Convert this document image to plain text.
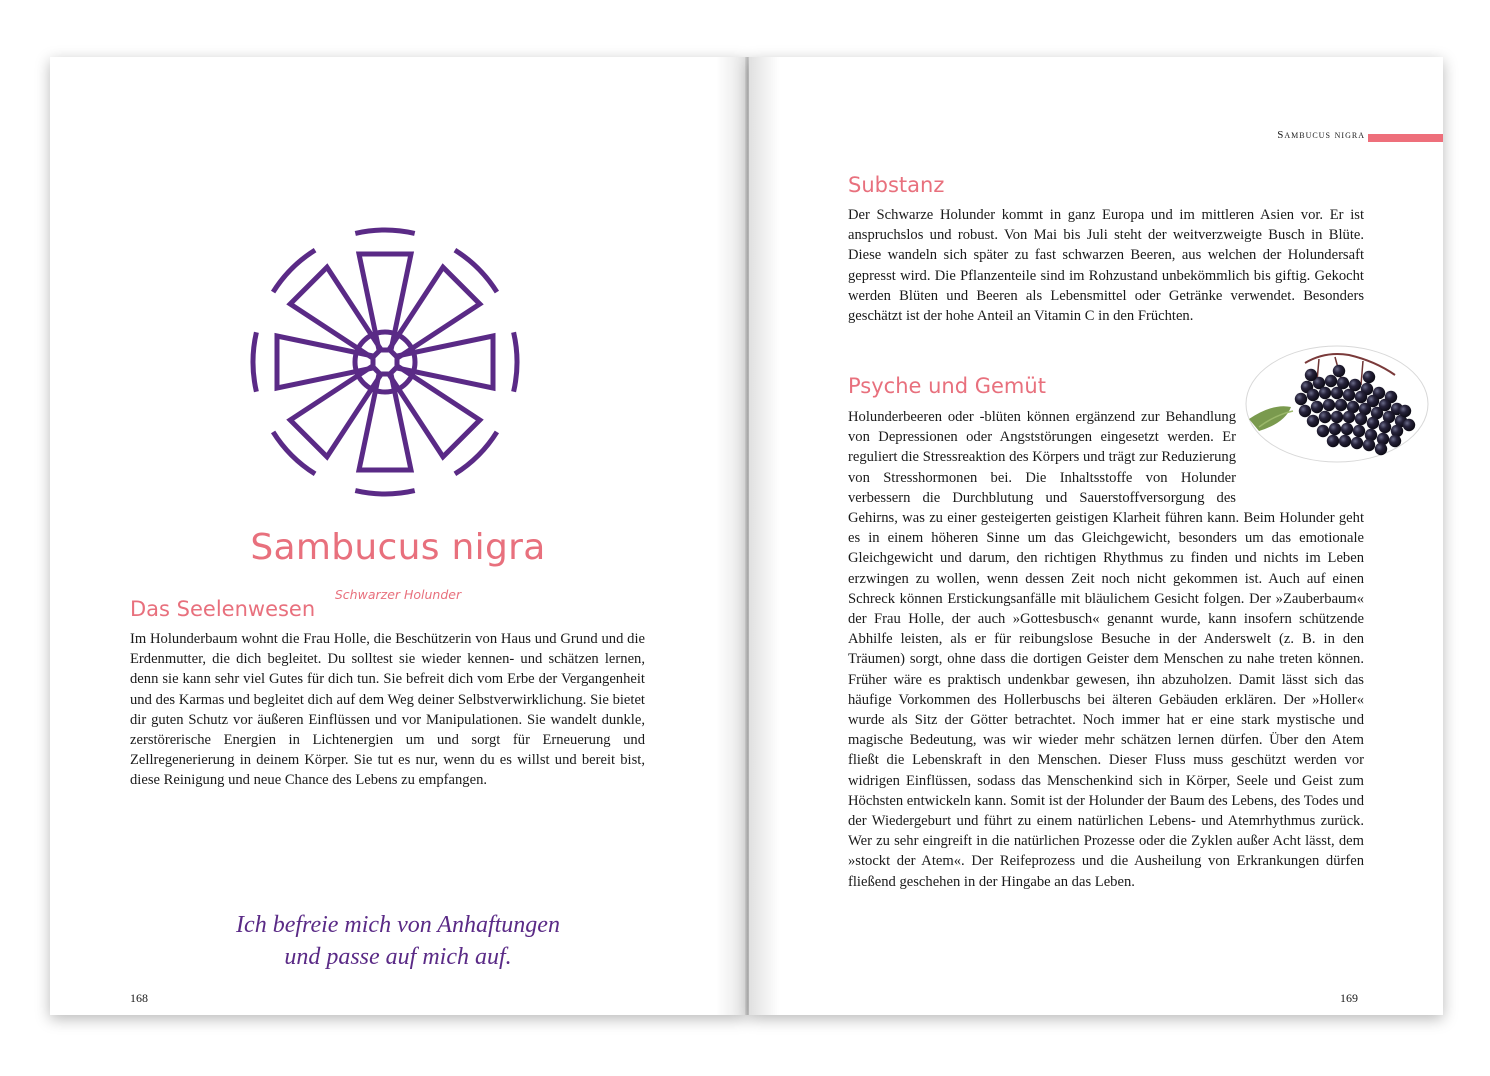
Sambucus nigra
Schwarzer Holunder
Das Seelenwesen

Im Holunderbaum wohnt die Frau Holle, die Beschützerin von Haus und Grund und die Erdenmutter, die dich begleitet. Du solltest sie wieder kennen- und schätzen lernen, denn sie kann sehr viel Gutes für dich tun. Sie befreit dich vom Erbe der Vergangenheit und des Karmas und begleitet dich auf dem Weg deiner Selbstverwirklichung. Sie bietet dir guten Schutz vor äußeren Einflüssen und vor Manipulationen. Sie wandelt dunkle, zerstörerische Energien in Lichtenergien um und sorgt für Erneuerung und Zellregenerierung in deinem Körper. Sie tut es nur, wenn du es willst und bereit bist, diese Reinigung und neue Chance des Lebens zu empfangen.

Ich befreie mich von Anhaftungen
und passe auf mich auf.
168
Sambucus nigra
Substanz

Der Schwarze Holunder kommt in ganz Europa und im mittleren Asien vor. Er ist anspruchslos und robust. Von Mai bis Juli steht der weitverzweigte Busch in Blüte. Diese wandeln sich später zu fast schwarzen Beeren, aus welchen der Holundersaft gepresst wird. Die Pflanzenteile sind im Rohzustand unbekömmlich bis giftig. Gekocht werden Blüten und Beeren als Lebensmittel oder Getränke verwendet. Besonders geschätzt ist der hohe Anteil an Vitamin C in den Früchten.

Psyche und Gemüt

Holunderbeeren oder -blüten können ergänzend zur Behandlung von Depressionen oder Angststörungen eingesetzt werden. Er reguliert die Stressreaktion des Körpers und trägt zur Reduzierung von Stresshormonen bei. Die Inhaltsstoffe von Holunder verbessern die Durchblutung und Sauerstoffversorgung des Gehirns, was zu einer gesteigerten geistigen Klarheit führen kann. Beim Holunder geht es in einem höheren Sinne um das Gleichgewicht, besonders um das emotionale Gleichgewicht und darum, den richtigen Rhythmus zu finden und nichts im Leben erzwingen zu wollen, wenn dessen Zeit noch nicht gekommen ist. Auch auf einen Schreck können Erstickungsanfälle mit bläulichem Gesicht folgen. Der »Zauberbaum« der Frau Holle, der auch »Gottesbusch« genannt wurde, kann insofern schützende Abhilfe leisten, als er für reibungslose Besuche in der Anderswelt (z. B. in den Träumen) sorgt, ohne dass die dortigen Geister dem Menschen zu nahe treten können. Früher wäre es praktisch undenkbar gewesen, ihn abzuholzen. Damit lässt sich das häufige Vorkommen des Hollerbuschs bei älteren Gebäuden erklären. Der »Holler« wurde als Sitz der Götter betrachtet. Noch immer hat er eine stark mystische und magische Bedeutung, was wir wieder mehr schätzen lernen dürfen. Über den Atem fließt die Lebenskraft in den Menschen. Dieser Fluss muss geschützt werden vor widrigen Einflüssen, sodass das Menschenkind sich in Körper, Seele und Geist zum Höchsten entwickeln kann. Somit ist der Holunder der Baum des Lebens, des Todes und der Wiedergeburt und führt zu einem natürlichen Lebens- und Atemrhythmus zurück. Wer zu sehr eingreift in die natürlichen Prozesse oder die Zyklen außer Acht lässt, dem »stockt der Atem«. Der Reifeprozess und die Ausheilung von Erkrankungen dürfen fließend geschehen in der Hingabe an das Leben.

169
